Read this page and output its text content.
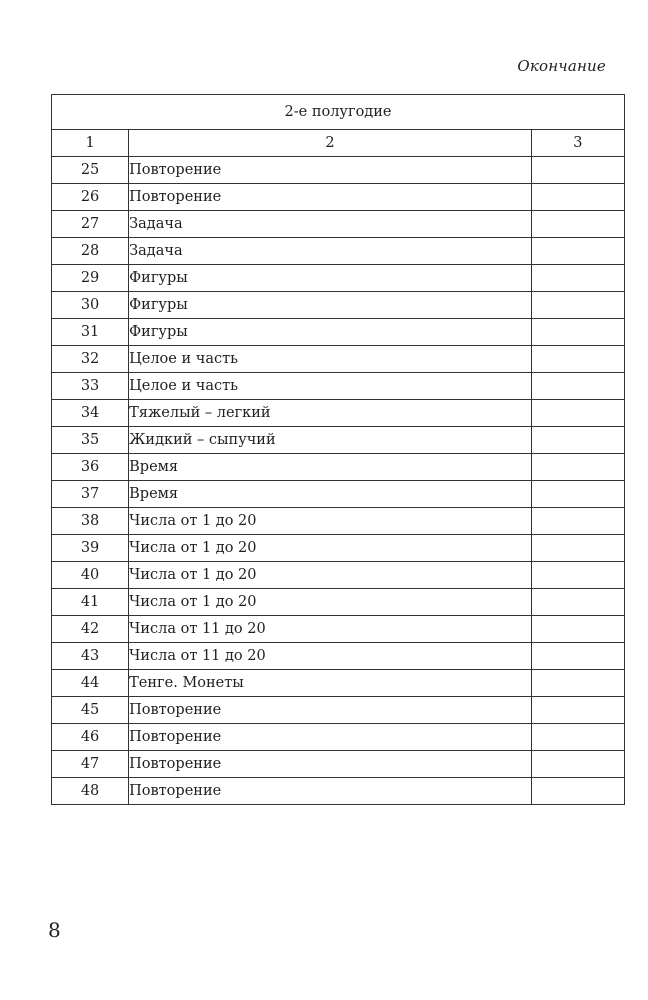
Окончание
2-е полугодие		
1	2	3
25	Повторение	
26	Повторение	
27	Задача	
28	Задача	
29	Фигуры	
30	Фигуры	
31	Фигуры	
32	Целое и часть	
33	Целое и часть	
34	Тяжелый – легкий	
35	Жидкий – сыпучий	
36	Время	
37	Время	
38	Числа от 1 до 20	
39	Числа от 1 до 20	
40	Числа от 1 до 20	
41	Числа от 1 до 20	
42	Числа от 11 до 20	
43	Числа от 11 до 20	
44	Тенге. Монеты	
45	Повторение	
46	Повторение	
47	Повторение	
48	Повторение	
8
